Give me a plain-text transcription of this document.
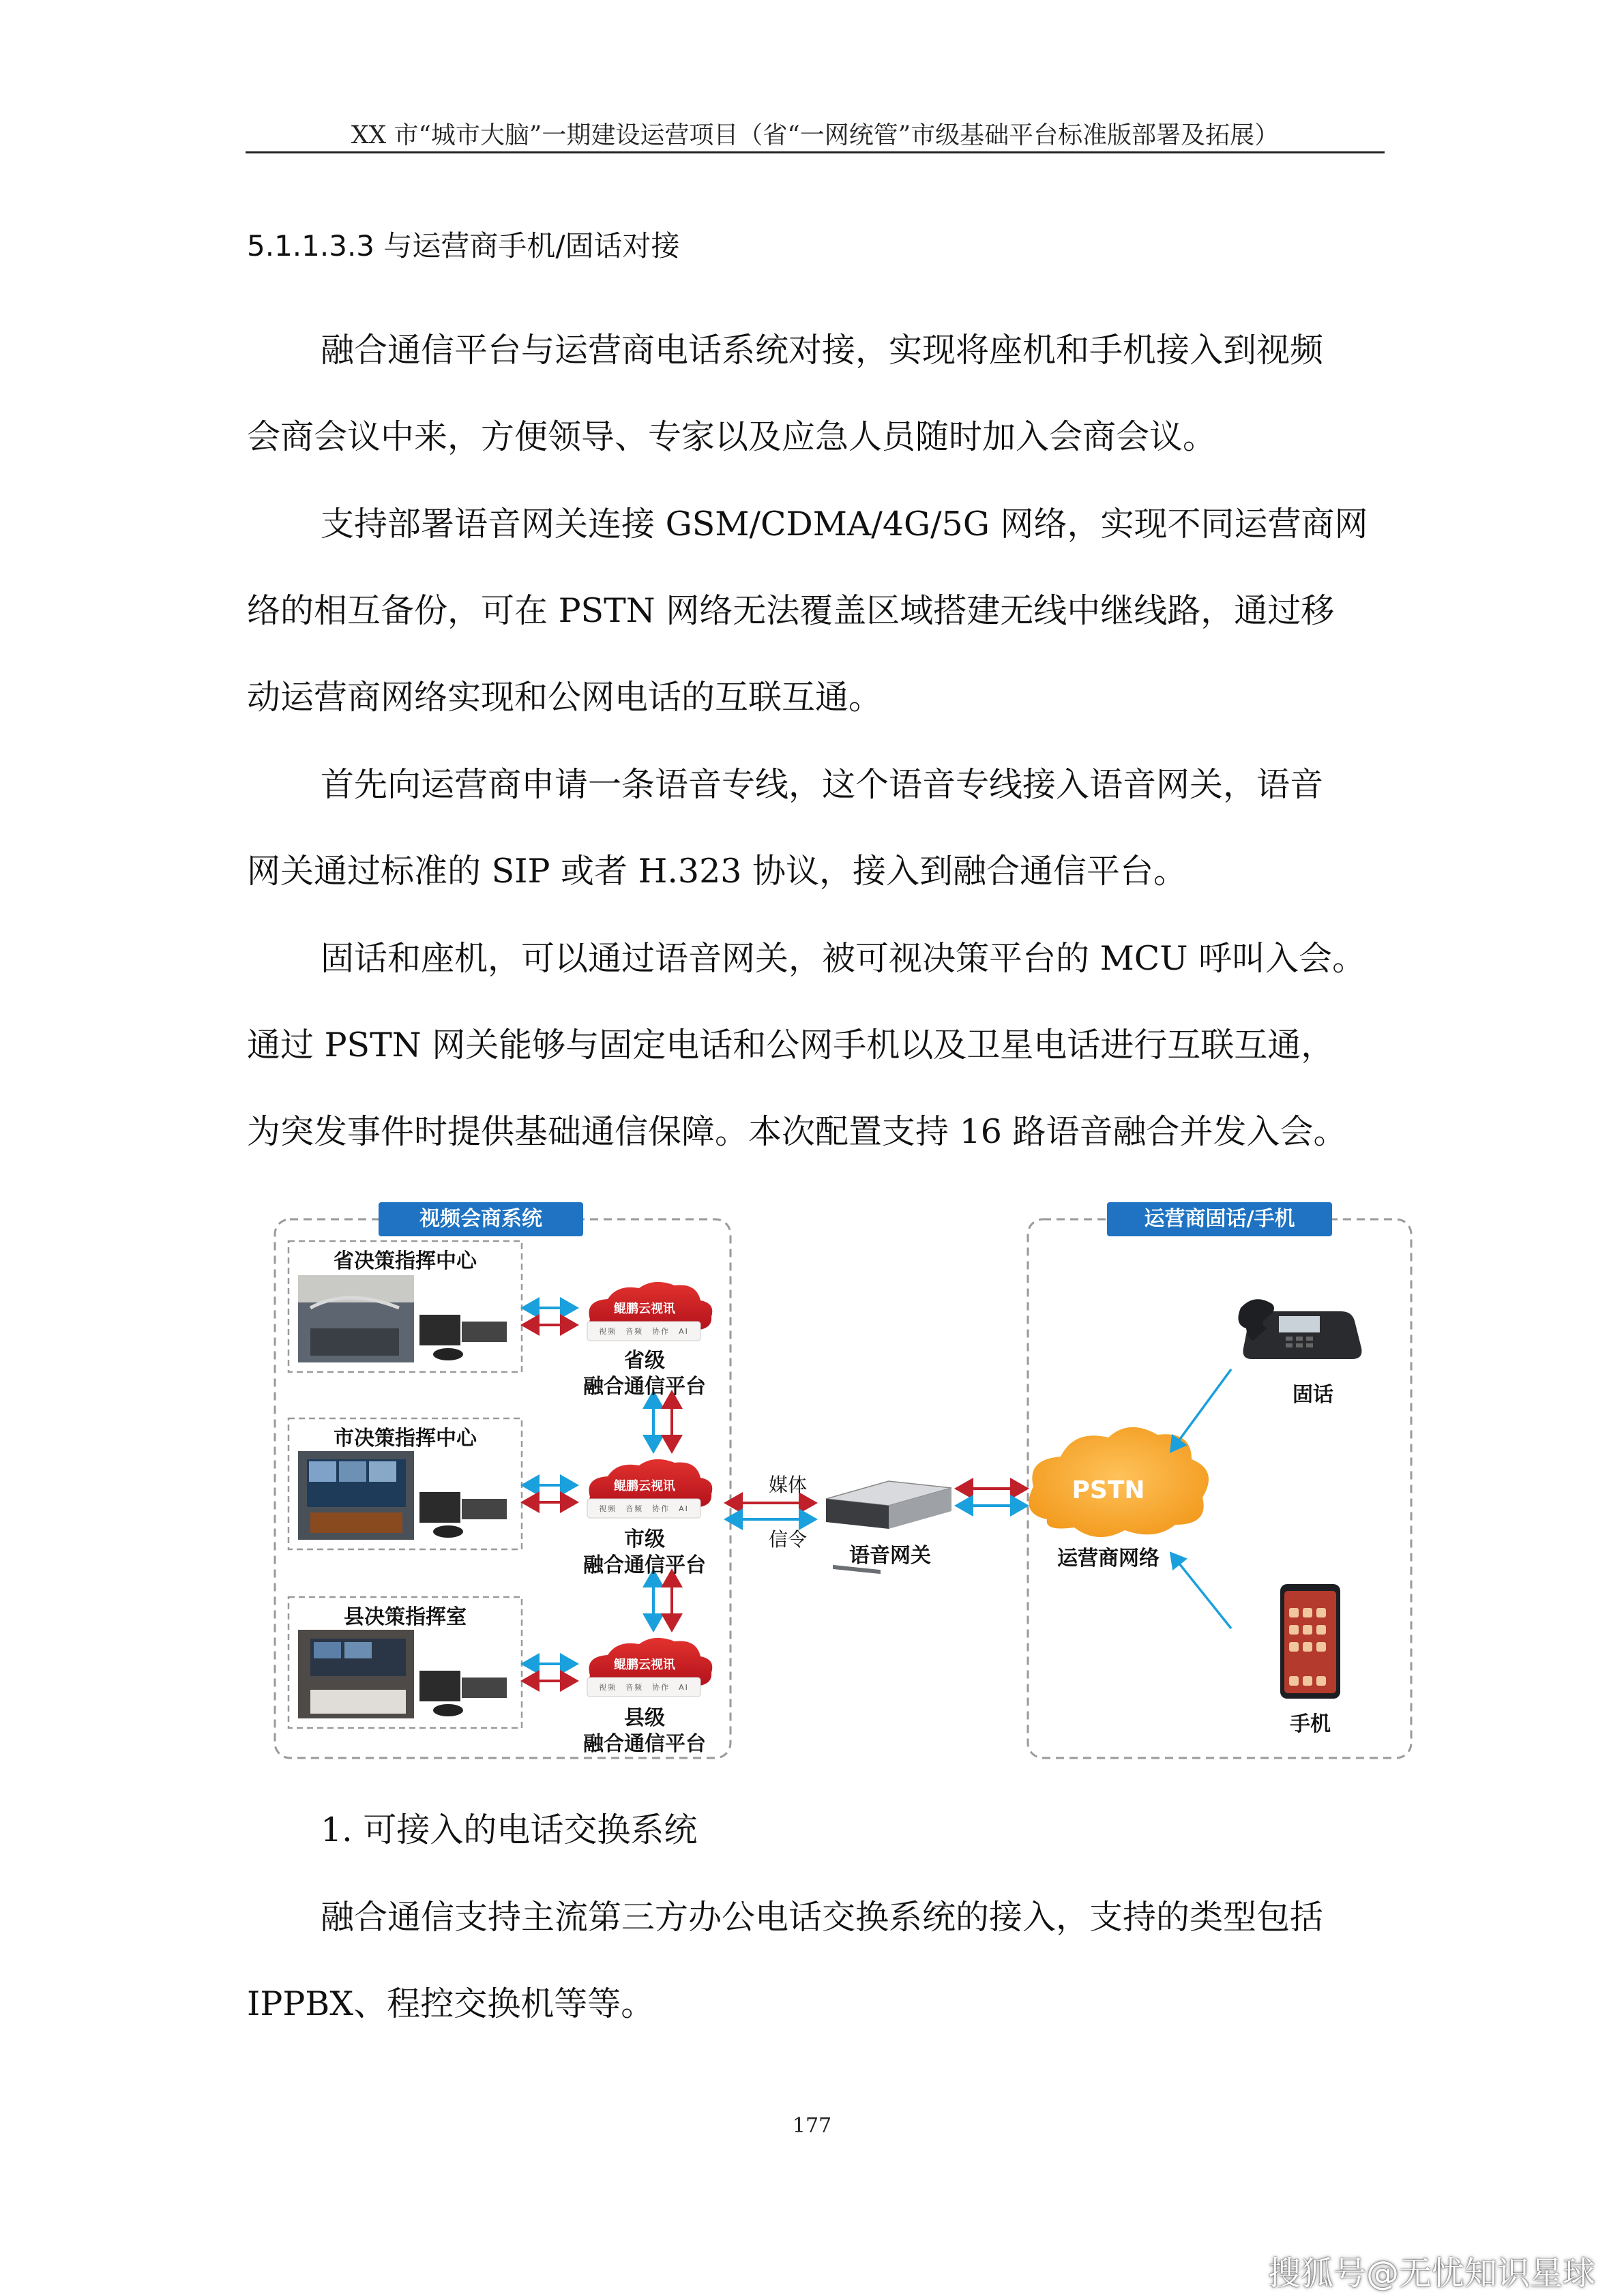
XX 市“城市大脑”一期建设运营项目（省“一网统管”市级基础平台标准版部署及拓展）
5.1.1.3.3 与运营商手机/固话对接

融合通信平台与运营商电话系统对接，实现将座机和手机接入到视频

会商会议中来，方便领导、专家以及应急人员随时加入会商会议。

支持部署语音网关连接 GSM/CDMA/4G/5G 网络，实现不同运营商网

络的相互备份，可在 PSTN 网络无法覆盖区域搭建无线中继线路，通过移

动运营商网络实现和公网电话的互联互通。

首先向运营商申请一条语音专线，这个语音专线接入语音网关，语音

网关通过标准的 SIP 或者 H.323 协议，接入到融合通信平台。

固话和座机，可以通过语音网关，被可视决策平台的 MCU 呼叫入会。

通过 PSTN 网关能够与固定电话和公网手机以及卫星电话进行互联互通，

为突发事件时提供基础通信保障。本次配置支持 16 路语音融合并发入会。

视频会商系统	运营商固话/手机
省决策指挥中心
市决策指挥中心
县决策指挥室
鲲鹏云视讯
视频　音频　协作　AI
鲲鹏云视讯
视频　音频　协作　AI
鲲鹏云视讯
视频　音频　协作　AI
省级
融合通信平台
市级
融合通信平台
县级
融合通信平台
媒体
信令
语音网关
PSTN
运营商网络
固话
手机

1. 可接入的电话交换系统

融合通信支持主流第三方办公电话交换系统的接入，支持的类型包括

IPPBX、程控交换机等等。

177
搜狐号@无忧知识星球
